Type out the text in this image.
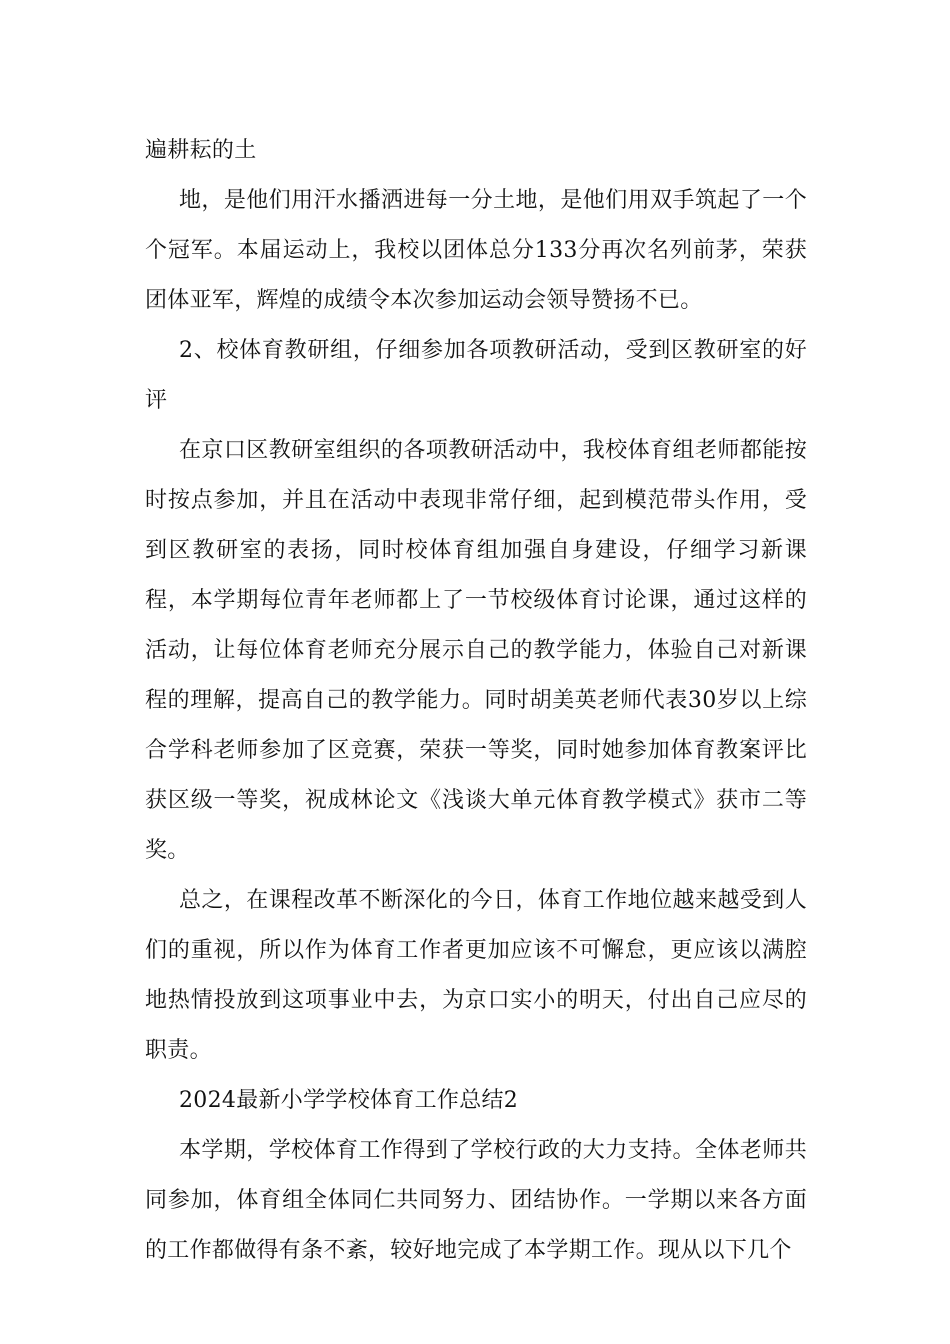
遍耕耘的土

地，是他们用汗水播洒进每一分土地，是他们用双手筑起了一个个冠军。本届运动上，我校以团体总分133分再次名列前茅，荣获团体亚军，辉煌的成绩令本次参加运动会领导赞扬不已。

2、校体育教研组，仔细参加各项教研活动，受到区教研室的好评

在京口区教研室组织的各项教研活动中，我校体育组老师都能按时按点参加，并且在活动中表现非常仔细，起到模范带头作用，受到区教研室的表扬，同时校体育组加强自身建设，仔细学习新课程，本学期每位青年老师都上了一节校级体育讨论课，通过这样的活动，让每位体育老师充分展示自己的教学能力，体验自己对新课程的理解，提高自己的教学能力。同时胡美英老师代表30岁以上综合学科老师参加了区竞赛，荣获一等奖，同时她参加体育教案评比获区级一等奖，祝成林论文《浅谈大单元体育教学模式》获市二等奖。

总之，在课程改革不断深化的今日，体育工作地位越来越受到人们的重视，所以作为体育工作者更加应该不可懈怠，更应该以满腔地热情投放到这项事业中去，为京口实小的明天，付出自己应尽的职责。

2024最新小学学校体育工作总结2

本学期，学校体育工作得到了学校行政的大力支持。全体老师共同参加，体育组全体同仁共同努力、团结协作。一学期以来各方面的工作都做得有条不紊，较好地完成了本学期工作。现从以下几个
